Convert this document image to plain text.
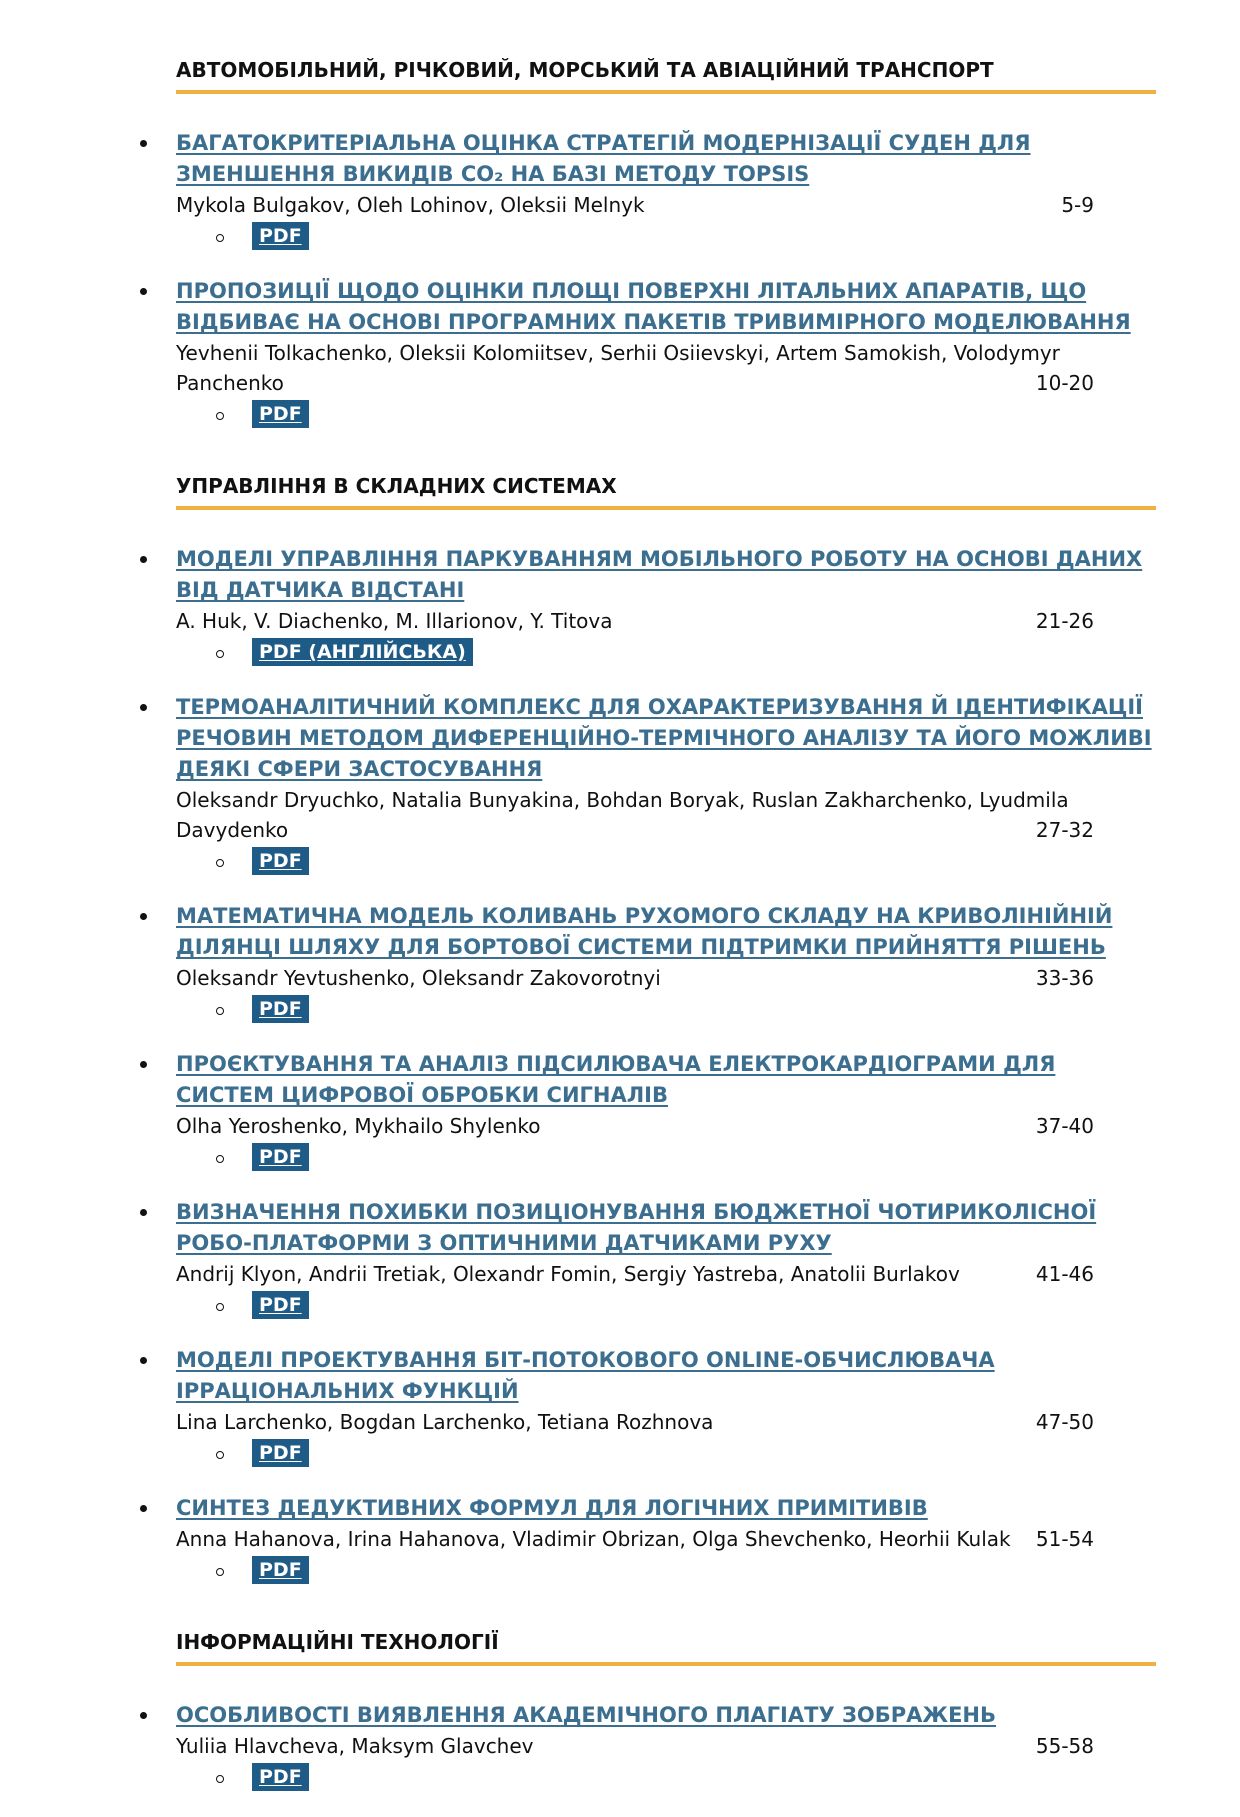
АВТОМОБІЛЬНИЙ, РІЧКОВИЙ, МОРСЬКИЙ ТА АВІАЦІЙНИЙ ТРАНСПОРТ
БАГАТОКРИТЕРІАЛЬНА ОЦІНКА СТРАТЕГІЙ МОДЕРНІЗАЦІЇ СУДЕН ДЛЯ ЗМЕНШЕННЯ ВИКИДІВ СО₂ НА БАЗІ МЕТОДУ TOPSIS
Mykola Bulgakov, Oleh Lohinov, Oleksii Melnyk	5-9
PDF
ПРОПОЗИЦІЇ ЩОДО ОЦІНКИ ПЛОЩІ ПОВЕРХНІ ЛІТАЛЬНИХ АПАРАТІВ, ЩО ВІДБИВАЄ НА ОСНОВІ ПРОГРАМНИХ ПАКЕТІВ ТРИВИМІРНОГО МОДЕЛЮВАННЯ
Yevhenii Tolkachenko, Oleksii Kolomiitsev, Serhii Osiievskyi, Artem Samokish, Volodymyr Panchenko	10-20
PDF
УПРАВЛІННЯ В СКЛАДНИХ СИСТЕМАХ
МОДЕЛІ УПРАВЛІННЯ ПАРКУВАННЯМ МОБІЛЬНОГО РОБОТУ НА ОСНОВІ ДАНИХ ВІД ДАТЧИКА ВІДСТАНІ
A. Huk, V. Diachenko, M. Illarionov, Y. Titova	21-26
PDF (АНГЛІЙСЬКА)
ТЕРМОАНАЛІТИЧНИЙ КОМПЛЕКС ДЛЯ ОХАРАКТЕРИЗУВАННЯ Й ІДЕНТИФІКАЦІЇ РЕЧОВИН МЕТОДОМ ДИФЕРЕНЦІЙНО-ТЕРМІЧНОГО АНАЛІЗУ ТА ЙОГО МОЖЛИВІ ДЕЯКІ СФЕРИ ЗАСТОСУВАННЯ
Oleksandr Dryuchko, Natalia Bunyakina, Bohdan Boryak, Ruslan Zakharchenko, Lyudmila Davydenko	27-32
PDF
МАТЕМАТИЧНА МОДЕЛЬ КОЛИВАНЬ РУХОМОГО СКЛАДУ НА КРИВОЛІНІЙНІЙ ДІЛЯНЦІ ШЛЯХУ ДЛЯ БОРТОВОЇ СИСТЕМИ ПІДТРИМКИ ПРИЙНЯТТЯ РІШЕНЬ
Oleksandr Yevtushenko, Oleksandr Zakovorotnyi	33-36
PDF
ПРОЄКТУВАННЯ ТА АНАЛІЗ ПІДСИЛЮВАЧА ЕЛЕКТРОКАРДІОГРАМИ ДЛЯ СИСТЕМ ЦИФРОВОЇ ОБРОБКИ СИГНАЛІВ
Olha Yeroshenko, Mykhailo Shylenko	37-40
PDF
ВИЗНАЧЕННЯ ПОХИБКИ ПОЗИЦІОНУВАННЯ БЮДЖЕТНОЇ ЧОТИРИКОЛІСНОЇ РОБО-ПЛАТФОРМИ З ОПТИЧНИМИ ДАТЧИКАМИ РУХУ
Andrij Klyon, Andrii Tretiak, Olexandr Fomin, Sergiy Yastreba, Anatolii Burlakov	41-46
PDF
МОДЕЛІ ПРОЕКТУВАННЯ БІТ-ПОТОКОВОГО ONLINE-ОБЧИСЛЮВАЧА ІРРАЦІОНАЛЬНИХ ФУНКЦІЙ
Lina Larchenko, Bogdan Larchenko, Tetiana Rozhnova	47-50
PDF
СИНТЕЗ ДЕДУКТИВНИХ ФОРМУЛ ДЛЯ ЛОГІЧНИХ ПРИМІТИВІВ
Anna Hahanova, Irina Hahanova, Vladimir Obrizan, Olga Shevchenko, Heorhii Kulak 51-54
PDF
ІНФОРМАЦІЙНІ ТЕХНОЛОГІЇ
ОСОБЛИВОСТІ ВИЯВЛЕННЯ АКАДЕМІЧНОГО ПЛАГІАТУ ЗОБРАЖЕНЬ
Yuliia Hlavcheva, Maksym Glavchev	55-58
PDF
